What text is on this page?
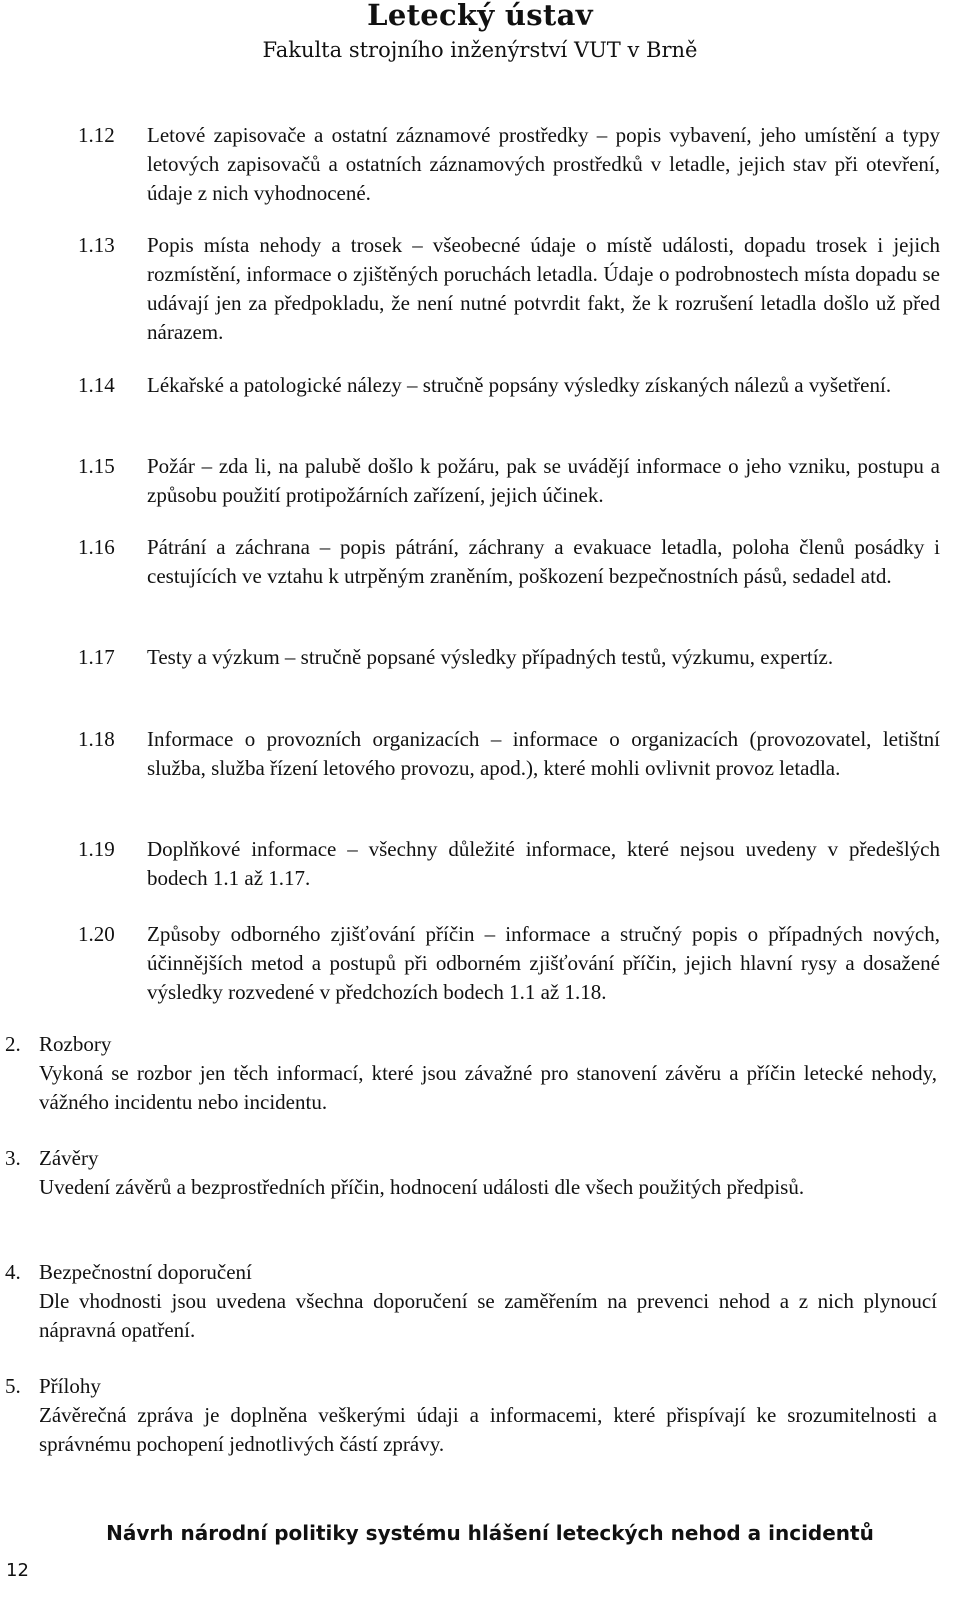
Letecký ústav
Fakulta strojního inženýrství VUT v Brně
1.12	Letové zapisovače a ostatní záznamové prostředky – popis vybavení, jeho umístění a typy letových zapisovačů a ostatních záznamových prostředků v letadle, jejich stav při otevření, údaje z nich vyhodnocené.
1.13	Popis místa nehody a trosek – všeobecné údaje o místě události, dopadu trosek i jejich rozmístění, informace o zjištěných poruchách letadla. Údaje o podrobnostech místa dopadu se udávají jen za předpokladu, že není nutné potvrdit fakt, že k rozrušení letadla došlo už před nárazem.
1.14	Lékařské a patologické nálezy – stručně popsány výsledky získaných nálezů a vyšetření.
1.15	Požár – zda li, na palubě došlo k požáru, pak se uvádějí informace o jeho vzniku, postupu a způsobu použití protipožárních zařízení, jejich účinek.
1.16	Pátrání a záchrana – popis pátrání, záchrany a evakuace letadla, poloha členů posádky i cestujících ve vztahu k utrpěným zraněním, poškození bezpečnostních pásů, sedadel atd.
1.17	Testy a výzkum – stručně popsané výsledky případných testů, výzkumu, expertíz.
1.18	Informace o provozních organizacích – informace o organizacích (provozovatel, letištní služba, služba řízení letového provozu, apod.), které mohli ovlivnit provoz letadla.
1.19	Doplňkové informace – všechny důležité informace, které nejsou uvedeny v předešlých bodech 1.1 až 1.17.
1.20	Způsoby odborného zjišťování příčin – informace a stručný popis o případných nových, účinnějších metod a postupů při odborném zjišťování příčin, jejich hlavní rysy a dosažené výsledky rozvedené v předchozích bodech 1.1 až 1.18.
2. Rozbory
Vykoná se rozbor jen těch informací, které jsou závažné pro stanovení závěru a příčin letecké nehody, vážného incidentu nebo incidentu.
3. Závěry
Uvedení závěrů a bezprostředních příčin, hodnocení události dle všech použitých předpisů.
4. Bezpečnostní doporučení
Dle vhodnosti jsou uvedena všechna doporučení se zaměřením na prevenci nehod a z nich plynoucí nápravná opatření.
5. Přílohy
Závěrečná zpráva je doplněna veškerými údaji a informacemi, které přispívají ke srozumitelnosti a správnému pochopení jednotlivých částí zprávy.
Návrh národní politiky systému hlášení leteckých nehod a incidentů
12
